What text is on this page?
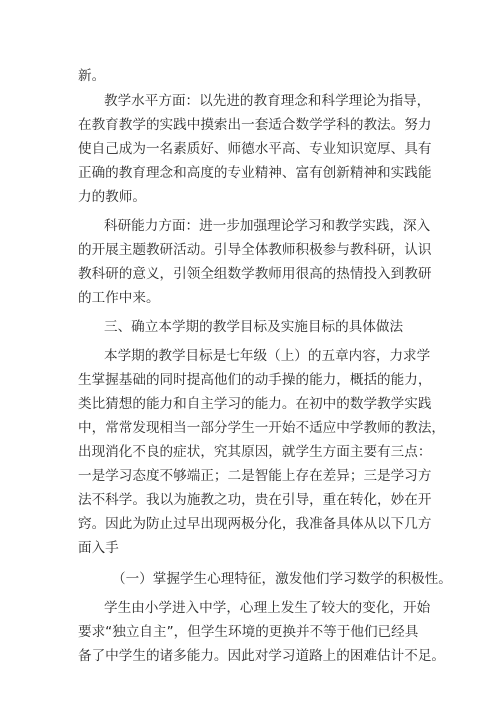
新。
教学水平方面：以先进的教育理念和科学理论为指导，
在教育教学的实践中摸索出一套适合数学学科的教法。努力
使自己成为一名素质好、师德水平高、专业知识宽厚、具有
正确的教育理念和高度的专业精神、富有创新精神和实践能
力的教师。
科研能力方面：进一步加强理论学习和教学实践，深入
的开展主题教研活动。引导全体教师积极参与教科研，认识
教科研的意义，引领全组数学教师用很高的热情投入到教研
的工作中来。
三、确立本学期的教学目标及实施目标的具体做法
本学期的教学目标是七年级（上）的五章内容，力求学
生掌握基础的同时提高他们的动手操的能力，概括的能力，
类比猜想的能力和自主学习的能力。在初中的数学教学实践
中，常常发现相当一部分学生一开始不适应中学教师的教法，
出现消化不良的症状，究其原因，就学生方面主要有三点：
一是学习态度不够端正；二是智能上存在差异；三是学习方
法不科学。我以为施教之功，贵在引导，重在转化，妙在开
窍。因此为防止过早出现两极分化，我准备具体从以下几方
面入手
（一）掌握学生心理特征，激发他们学习数学的积极性。
学生由小学进入中学，心理上发生了较大的变化，开始
要求“独立自主”，但学生环境的更换并不等于他们已经具
备了中学生的诸多能力。因此对学习道路上的困难估计不足。
